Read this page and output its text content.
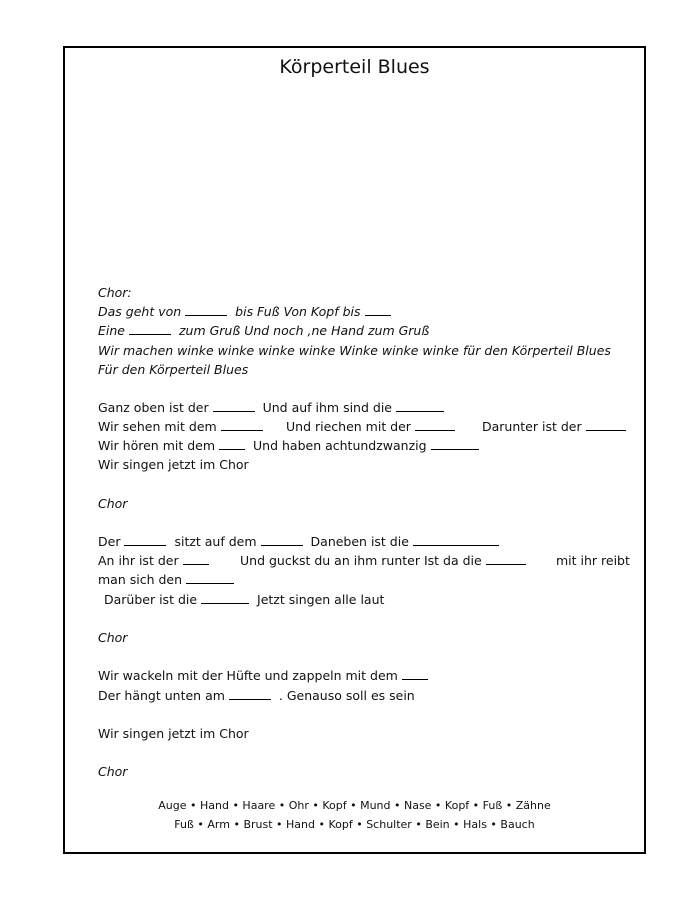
Körperteil Blues
Chor:
Das geht von	bis Fuß Von Kopf bis
Eine	zum Gruß Und noch ‚ne Hand zum Gruß
Wir machen winke winke winke winke Winke winke winke für den Körperteil Blues
Für den Körperteil Blues
Ganz oben ist der	Und auf ihm sind die
Wir sehen mit dem	Und riechen mit der	Darunter ist der
Wir hören mit dem	Und haben achtundzwanzig
Wir singen jetzt im Chor
Chor
Der	sitzt auf dem	Daneben ist die
An ihr ist der	Und guckst du an ihm runter Ist da die	mit ihr reibt
man sich den
Darüber ist die	Jetzt singen alle laut
Chor
Wir wackeln mit der Hüfte und zappeln mit dem
Der hängt unten am	. Genauso soll es sein
Wir singen jetzt im Chor
Chor
Auge • Hand • Haare • Ohr • Kopf • Mund • Nase • Kopf • Fuß • Zähne
Fuß • Arm • Brust • Hand • Kopf • Schulter • Bein • Hals • Bauch
